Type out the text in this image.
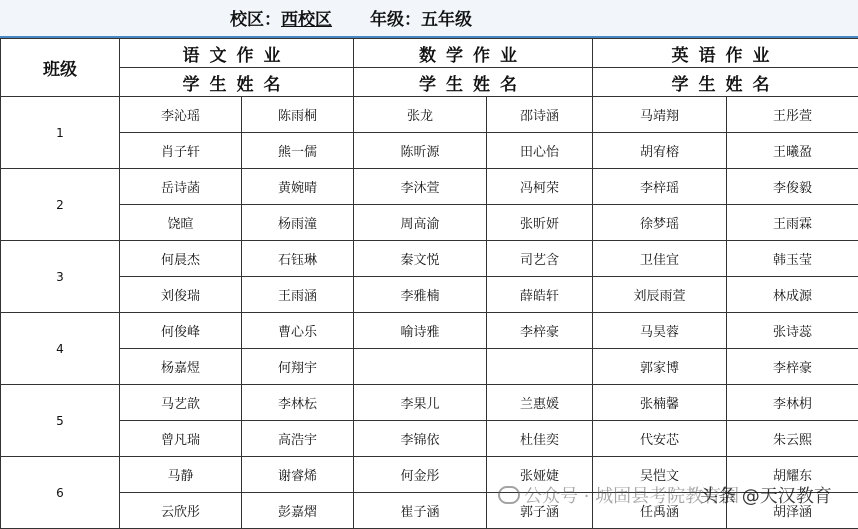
校区：西校区 年级：五年级
班级	语文作业		数学作业		英语作业	
	学生姓名		学生姓名		学生姓名	
1	李沁瑶	陈雨桐	张龙	邵诗涵	马靖翔	王彤萱
	肖子轩	熊一儒	陈昕源	田心怡	胡宥榕	王曦盈
2	岳诗菡	黄婉晴	李沐萱	冯柯荣	李梓瑶	李俊毅
	饶暄	杨雨潼	周高渝	张昕妍	徐梦瑶	王雨霖
3	何晨杰	石钰琳	秦文悦	司艺含	卫佳宜	韩玉莹
	刘俊瑞	王雨涵	李雅楠	薛皓轩	刘辰雨萱	林成源
4	何俊峰	曹心乐	喻诗雅	李梓豪	马昊蓉	张诗蕊
	杨嘉煜	何翔宇			郭家博	李梓豪
5	马艺歆	李林枟	李果儿	兰惠媛	张楠馨	李林枂
	曾凡瑞	高浩宇	李锦依	杜佳奕	代安芯	朱云熙
6	马静	谢睿烯	何金彤	张娅婕	吴恺文	胡耀东
	云欣彤	彭嘉熠	崔子涵	郭子涵	任禹涵	胡泽涵
公众号 · 城固县考院教育园
头条 @天汉教育
